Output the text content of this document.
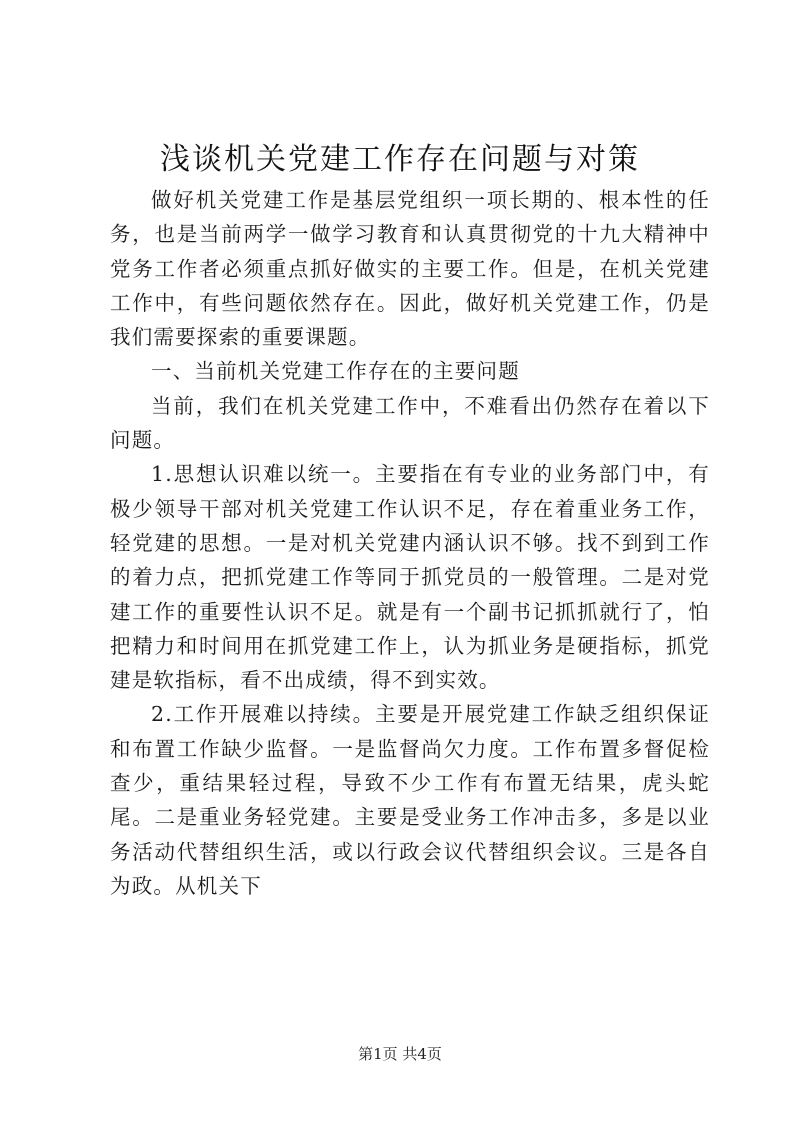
浅谈机关党建工作存在问题与对策

做好机关党建工作是基层党组织一项长期的、根本性的任务，也是当前两学一做学习教育和认真贯彻党的十九大精神中党务工作者必须重点抓好做实的主要工作。但是，在机关党建工作中，有些问题依然存在。因此，做好机关党建工作，仍是我们需要探索的重要课题。

一、当前机关党建工作存在的主要问题

当前，我们在机关党建工作中，不难看出仍然存在着以下问题。

1.思想认识难以统一。主要指在有专业的业务部门中，有极少领导干部对机关党建工作认识不足，存在着重业务工作，轻党建的思想。一是对机关党建内涵认识不够。找不到到工作的着力点，把抓党建工作等同于抓党员的一般管理。二是对党建工作的重要性认识不足。就是有一个副书记抓抓就行了，怕把精力和时间用在抓党建工作上，认为抓业务是硬指标，抓党建是软指标，看不出成绩，得不到实效。

2.工作开展难以持续。主要是开展党建工作缺乏组织保证和布置工作缺少监督。一是监督尚欠力度。工作布置多督促检查少，重结果轻过程，导致不少工作有布置无结果，虎头蛇尾。二是重业务轻党建。主要是受业务工作冲击多，多是以业务活动代替组织生活，或以行政会议代替组织会议。三是各自为政。从机关下

第1页 共4页
